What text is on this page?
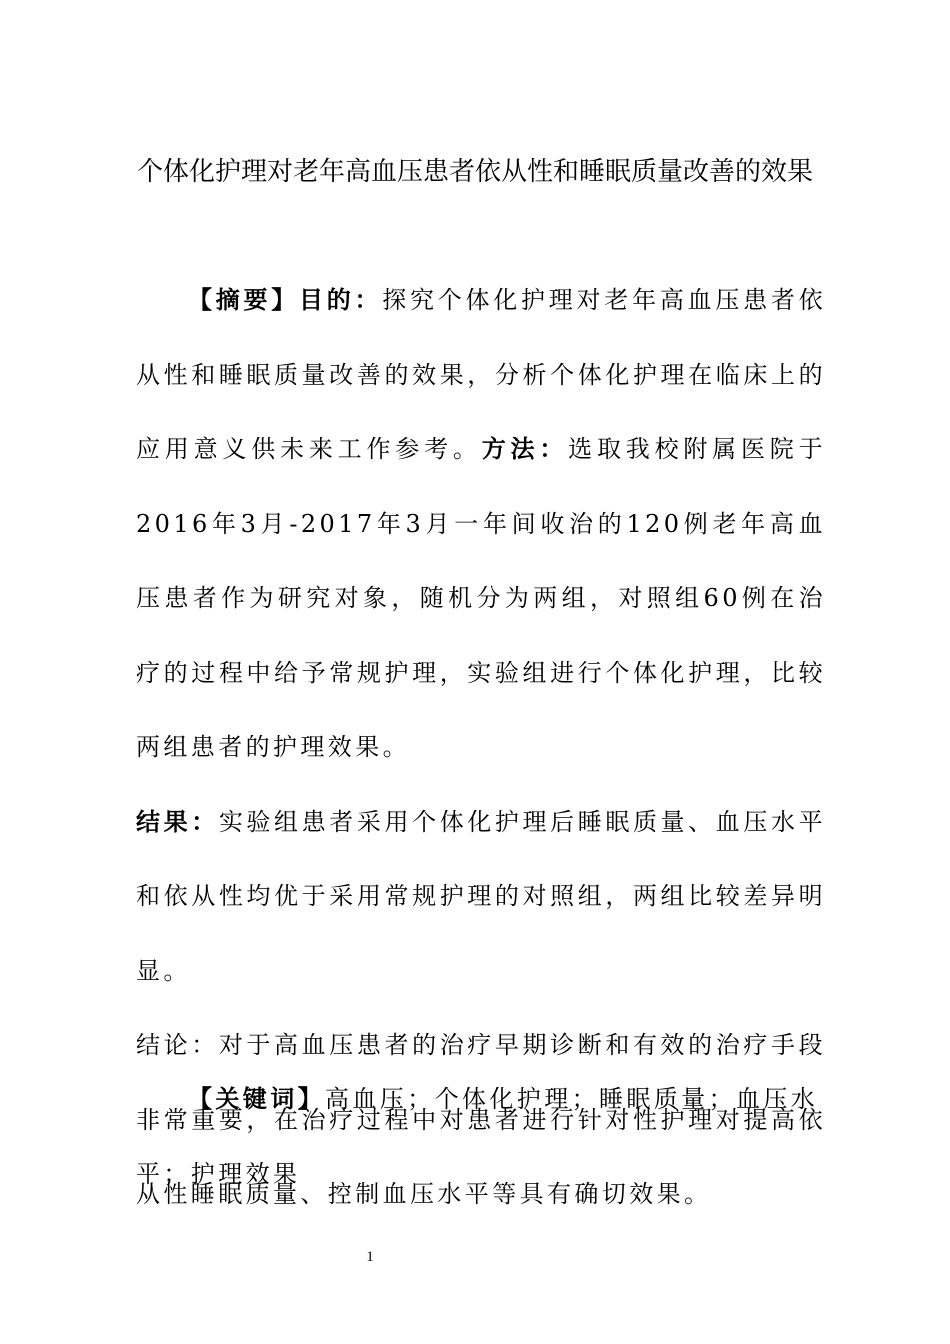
个体化护理对老年高血压患者依从性和睡眠质量改善的效果

【摘要】目的：探究个体化护理对老年高血压患者依从性和睡眠质量改善的效果，分析个体化护理在临床上的应用意义供未来工作参考。方法：选取我校附属医院于2016年3月-2017年3月一年间收治的120例老年高血压患者作为研究对象，随机分为两组，对照组60例在治疗的过程中给予常规护理，实验组进行个体化护理，比较两组患者的护理效果。

结果：实验组患者采用个体化护理后睡眠质量、血压水平和依从性均优于采用常规护理的对照组，两组比较差异明显。

结论：对于高血压患者的治疗早期诊断和有效的治疗手段非常重要，在治疗过程中对患者进行针对性护理对提高依从性睡眠质量、控制血压水平等具有确切效果。

【关键词】高血压；个体化护理；睡眠质量；血压水平；护理效果

1
